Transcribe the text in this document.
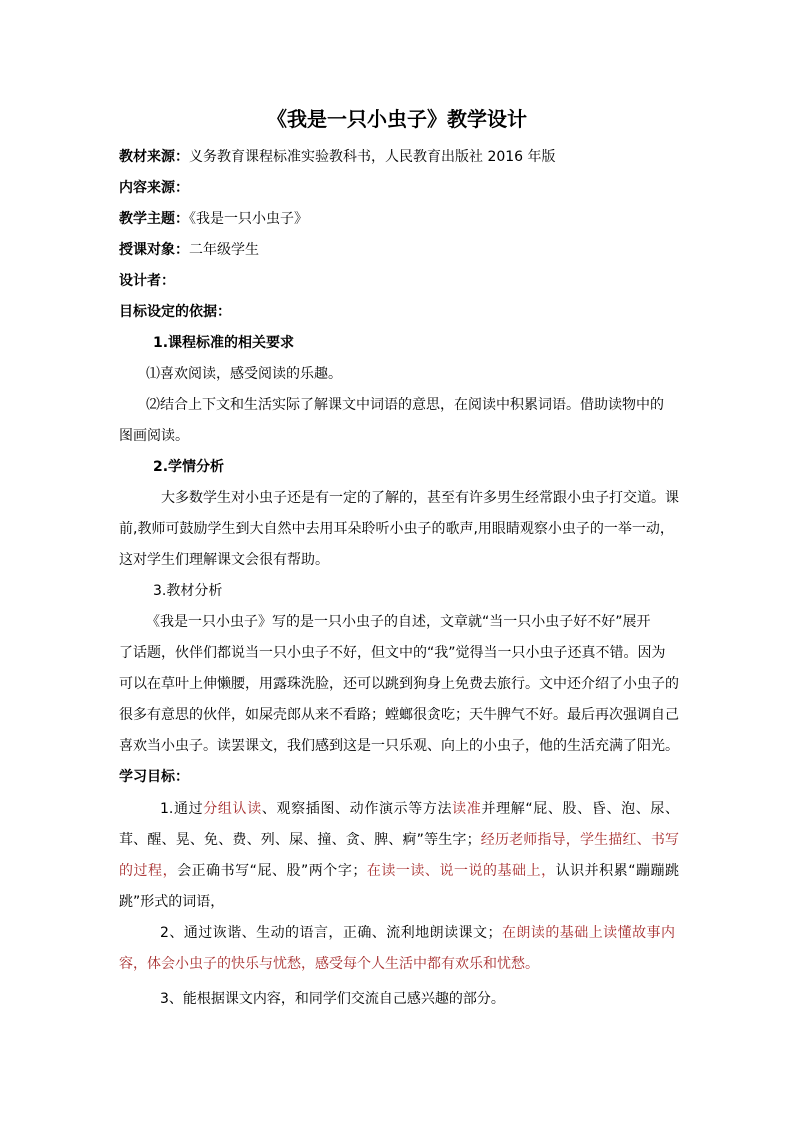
《我是一只小虫子》教学设计
教材来源：义务教育课程标准实验教科书，人民教育出版社 2016 年版
内容来源：
教学主题：《我是一只小虫子》
授课对象：二年级学生
设计者：
目标设定的依据：
1.课程标准的相关要求
⑴喜欢阅读，感受阅读的乐趣。
⑵结合上下文和生活实际了解课文中词语的意思，在阅读中积累词语。借助读物中的
图画阅读。
2.学情分析
大多数学生对小虫子还是有一定的了解的，甚至有许多男生经常跟小虫子打交道。课
前,教师可鼓励学生到大自然中去用耳朵聆听小虫子的歌声,用眼睛观察小虫子的一举一动，
这对学生们理解课文会很有帮助。
3.教材分析
《我是一只小虫子》写的是一只小虫子的自述，文章就“当一只小虫子好不好”展开
了话题，伙伴们都说当一只小虫子不好，但文中的“我”觉得当一只小虫子还真不错。因为
可以在草叶上伸懒腰，用露珠洗脸，还可以跳到狗身上免费去旅行。文中还介绍了小虫子的
很多有意思的伙伴，如屎壳郎从来不看路；螳螂很贪吃；天牛脾气不好。最后再次强调自己
喜欢当小虫子。读罢课文，我们感到这是一只乐观、向上的小虫子，他的生活充满了阳光。
学习目标：
1.通过分组认读、观察插图、动作演示等方法读准并理解“屁、股、昏、泡、尿、茸、醒、晃、免、费、列、屎、撞、贪、脾、痾”等生字；经历老师指导，学生描红、书写的过程，会正确书写“屁、股”两个字；在读一读、说一说的基础上，认识并积累“蹦蹦跳跳”形式的词语，
2、通过诙谐、生动的语言，正确、流利地朗读课文；在朗读的基础上读懂故事内容，体会小虫子的快乐与忧愁，感受每个人生活中都有欢乐和忧愁。
3、能根据课文内容，和同学们交流自己感兴趣的部分。
